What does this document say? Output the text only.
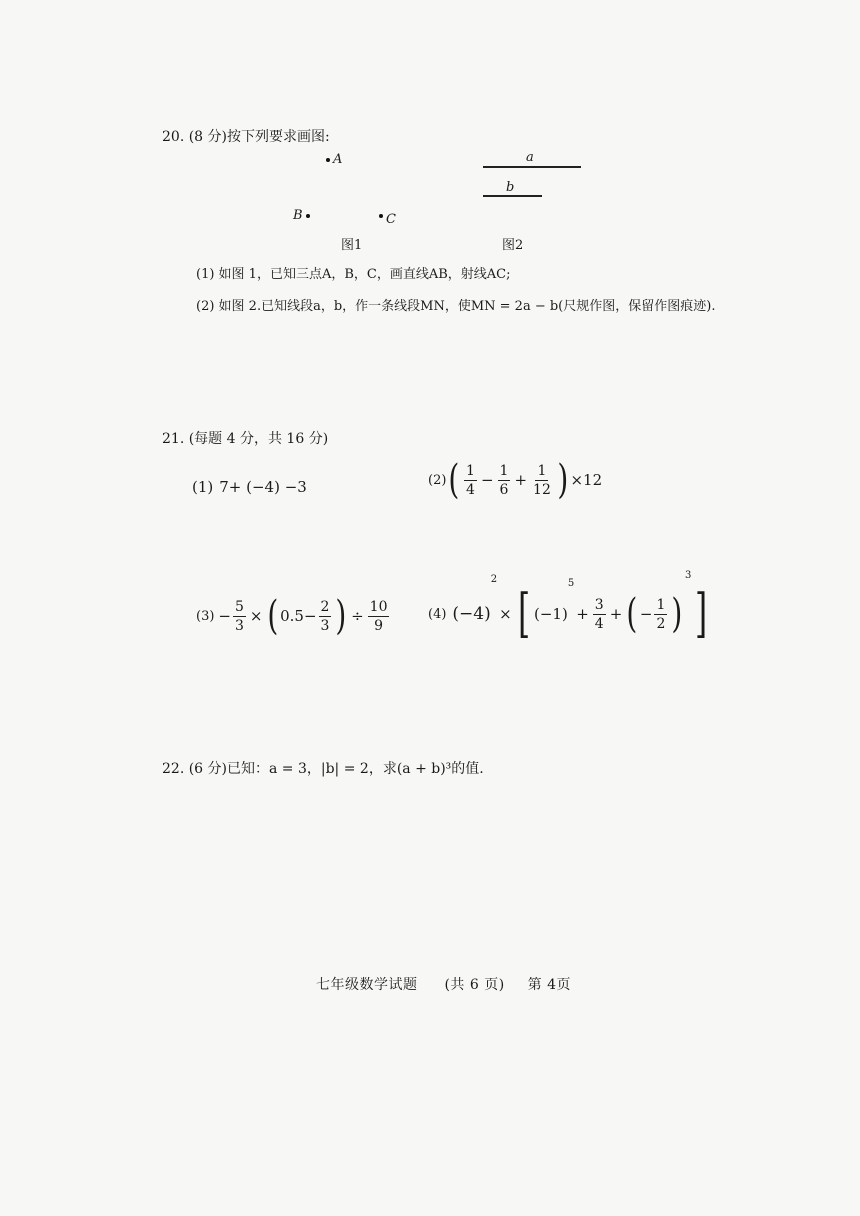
20. (8 分)按下列要求画图:
A
B	C
图1
a
b
图2
(1) 如图 1，已知三点A，B，C，画直线AB，射线AC;
(2) 如图 2.已知线段a，b，作一条线段MN，使MN = 2a − b(尺规作图，保留作图痕迹).
21. (每题 4 分，共 16 分)
(1) 7+ (−4) −3	(2) ( $\frac{1}{4} - \frac{1}{6} + \frac{1}{12}$ ) ×12
$(3) - \frac{5}{3}$ × ( $0.5- \frac{2}{3}$ ) ÷ $\frac{10}{9}$	(4) (−4)
2
× [ (−1)
5
+ $\frac{3}{4}$ + ( − $\frac{1}{2}$ )
3
]
22. (6 分)已知：a = 3，|b| = 2，求(a + b)³的值.
七年级数学试题 (共 6 页) 第 4页
